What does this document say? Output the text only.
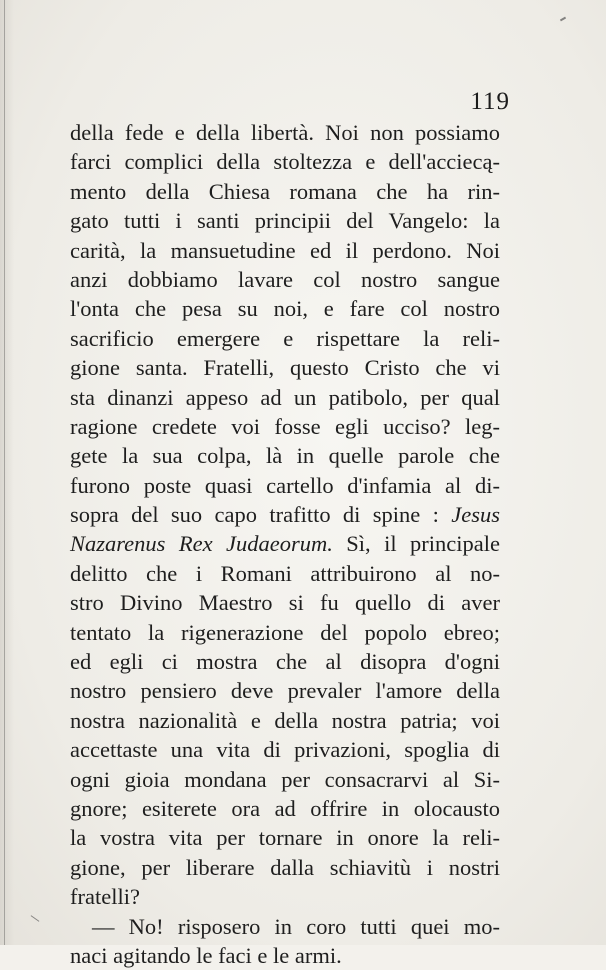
119
della fede e della libertà. Noi non possiamo
farci complici della stoltezza e dell'acciecą-
mento della Chiesa romana che ha rin-
gato tutti i santi principii del Vangelo: la
carità, la mansuetudine ed il perdono. Noi
anzi dobbiamo lavare col nostro sangue
l'onta che pesa su noi, e fare col nostro
sacrificio emergere e rispettare la reli-
gione santa. Fratelli, questo Cristo che vi
sta dinanzi appeso ad un patibolo, per qual
ragione credete voi fosse egli ucciso? leg-
gete la sua colpa, là in quelle parole che
furono poste quasi cartello d'infamia al di-
sopra del suo capo trafitto di spine : Jesus
Nazarenus Rex Judaeorum. Sì, il principale
delitto che i Romani attribuirono al no-
stro Divino Maestro si fu quello di aver
tentato la rigenerazione del popolo ebreo;
ed egli ci mostra che al disopra d'ogni
nostro pensiero deve prevaler l'amore della
nostra nazionalità e della nostra patria; voi
accettaste una vita di privazioni, spoglia di
ogni gioia mondana per consacrarvi al Si-
gnore; esiterete ora ad offrire in olocausto
la vostra vita per tornare in onore la reli-
gione, per liberare dalla schiavitù i nostri
fratelli?
— No! risposero in coro tutti quei mo-
naci agitando le faci e le armi.
